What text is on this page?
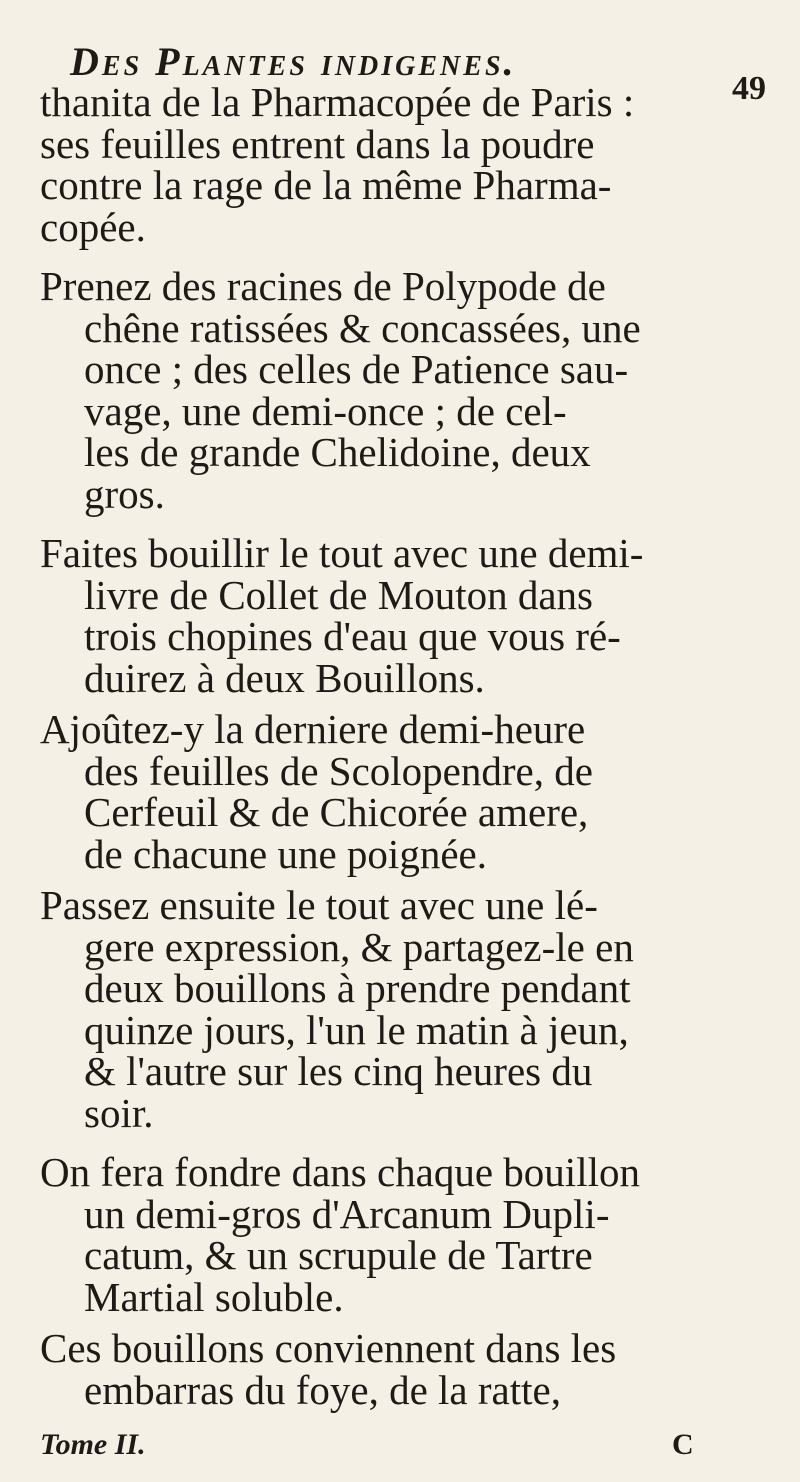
Des Plantes indigenes.
49
thanita de la Pharmacopée de Paris :
ses feuilles entrent dans la poudre
contre la rage de la même Pharma-
copée.
Prenez des racines de Polypode de
chêne ratissées & concassées, une
once ; des celles de Patience sau-
vage, une demi-once ; de cel-
les de grande Chelidoine, deux
gros.
Faites bouillir le tout avec une demi-
livre de Collet de Mouton dans
trois chopines d'eau que vous ré-
duirez à deux Bouillons.
Ajoûtez-y la derniere demi-heure
des feuilles de Scolopendre, de
Cerfeuil & de Chicorée amere,
de chacune une poignée.
Passez ensuite le tout avec une lé-
gere expression, & partagez-le en
deux bouillons à prendre pendant
quinze jours, l'un le matin à jeun,
& l'autre sur les cinq heures du
soir.
On fera fondre dans chaque bouillon
un demi-gros d'Arcanum Dupli-
catum, & un scrupule de Tartre
Martial soluble.
Ces bouillons conviennent dans les
embarras du foye, de la ratte,
Tome II.	C
